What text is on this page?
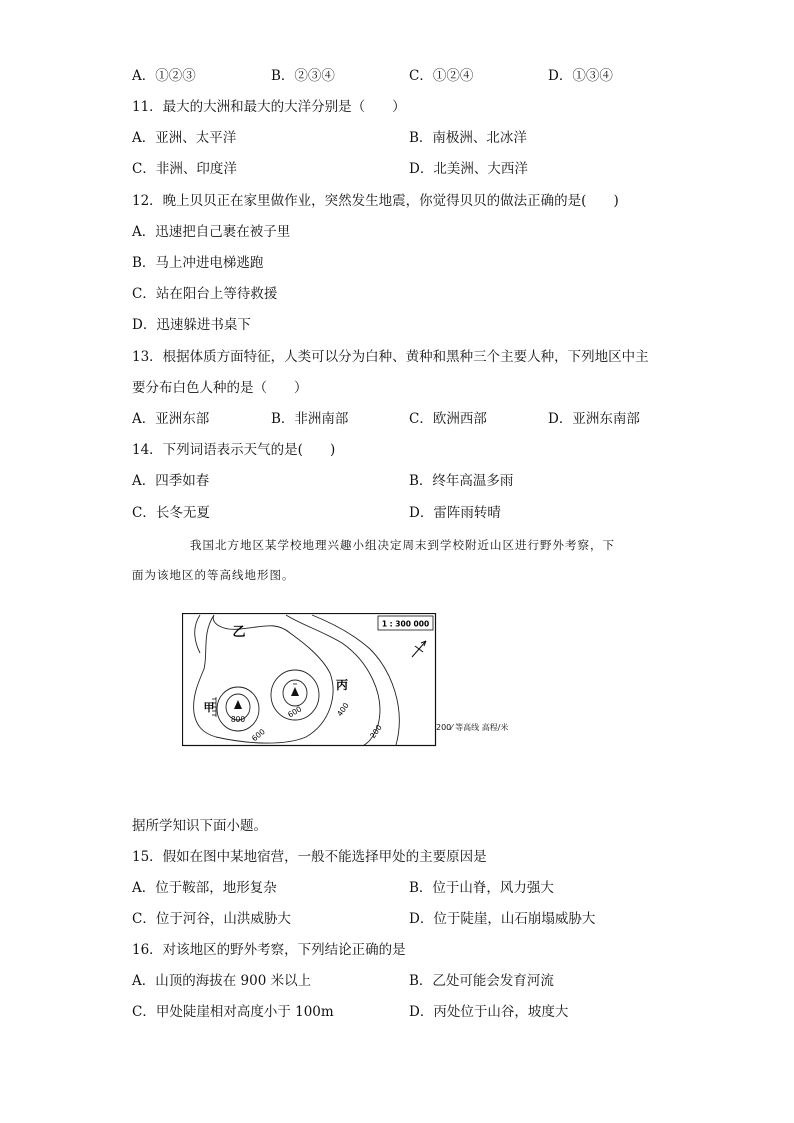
A．①②③	B．②③④	C．①②④	D．①③④
11．最大的大洲和最大的大洋分别是（　　）
A．亚洲、太平洋	B．南极洲、北冰洋
C．非洲、印度洋	D．北美洲、大西洋
12．晚上贝贝正在家里做作业，突然发生地震，你觉得贝贝的做法正确的是(　　)
A．迅速把自己裹在被子里
B．马上冲进电梯逃跑
C．站在阳台上等待救援
D．迅速躲进书桌下
13．根据体质方面特征，人类可以分为白种、黄种和黑种三个主要人种，下列地区中主
要分布白色人种的是（　　）
A．亚洲东部	B．非洲南部	C．欧洲西部	D．亚洲东南部
14．下列词语表示天气的是(　　)
A．四季如春	B．终年高温多雨
C．长冬无夏	D．雷阵雨转晴
我国北方地区某学校地理兴趣小组决定周末到学校附近山区进行野外考察，下
面为该地区的等高线地形图。
1 : 300 000
乙
丙
甲
800
600
600	400
200	200⁄ 等高线 高程/米
据所学知识下面小题。
15．假如在图中某地宿营，一般不能选择甲处的主要原因是
A．位于鞍部，地形复杂	B．位于山脊，风力强大
C．位于河谷，山洪威胁大	D．位于陡崖，山石崩塌威胁大
16．对该地区的野外考察，下列结论正确的是
A．山顶的海拔在 900 米以上	B．乙处可能会发育河流
C．甲处陡崖相对高度小于 100m	D．丙处位于山谷，坡度大
